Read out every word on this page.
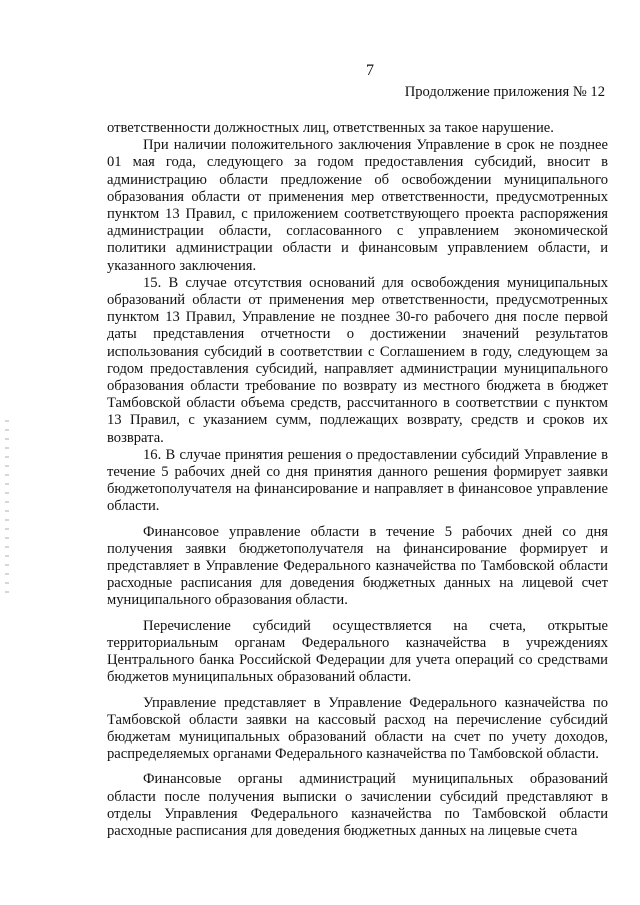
7
Продолжение приложения № 12

ответственности должностных лиц, ответственных за такое нарушение.

При наличии положительного заключения Управление в срок не позднее 01 мая года, следующего за годом предоставления субсидий, вносит в администрацию области предложение об освобождении муниципального образования области от применения мер ответственности, предусмотренных пунктом 13 Правил, с приложением соответствующего проекта распоряжения администрации области, согласованного с управлением экономической политики администрации области и финансовым управлением области, и указанного заключения.

15. В случае отсутствия оснований для освобождения муниципальных образований области от применения мер ответственности, предусмотренных пунктом 13 Правил, Управление не позднее 30-го рабочего дня после первой даты представления отчетности о достижении значений результатов использования субсидий в соответствии с Соглашением в году, следующем за годом предоставления субсидий, направляет администрации муниципального образования области требование по возврату из местного бюджета в бюджет Тамбовской области объема средств, рассчитанного в соответствии с пунктом 13 Правил, с указанием сумм, подлежащих возврату, средств и сроков их возврата.

16. В случае принятия решения о предоставлении субсидий Управление в течение 5 рабочих дней со дня принятия данного решения формирует заявки бюджетополучателя на финансирование и направляет в финансовое управление области.

Финансовое управление области в течение 5 рабочих дней со дня получения заявки бюджетополучателя на финансирование формирует и представляет в Управление Федерального казначейства по Тамбовской области расходные расписания для доведения бюджетных данных на лицевой счет муниципального образования области.

Перечисление субсидий осуществляется на счета, открытые территориальным органам Федерального казначейства в учреждениях Центрального банка Российской Федерации для учета операций со средствами бюджетов муниципальных образований области.

Управление представляет в Управление Федерального казначейства по Тамбовской области заявки на кассовый расход на перечисление субсидий бюджетам муниципальных образований области на счет по учету доходов, распределяемых органами Федерального казначейства по Тамбовской области.

Финансовые органы администраций муниципальных образований области после получения выписки о зачислении субсидий представляют в отделы Управления Федерального казначейства по Тамбовской области расходные расписания для доведения бюджетных данных на лицевые счета
